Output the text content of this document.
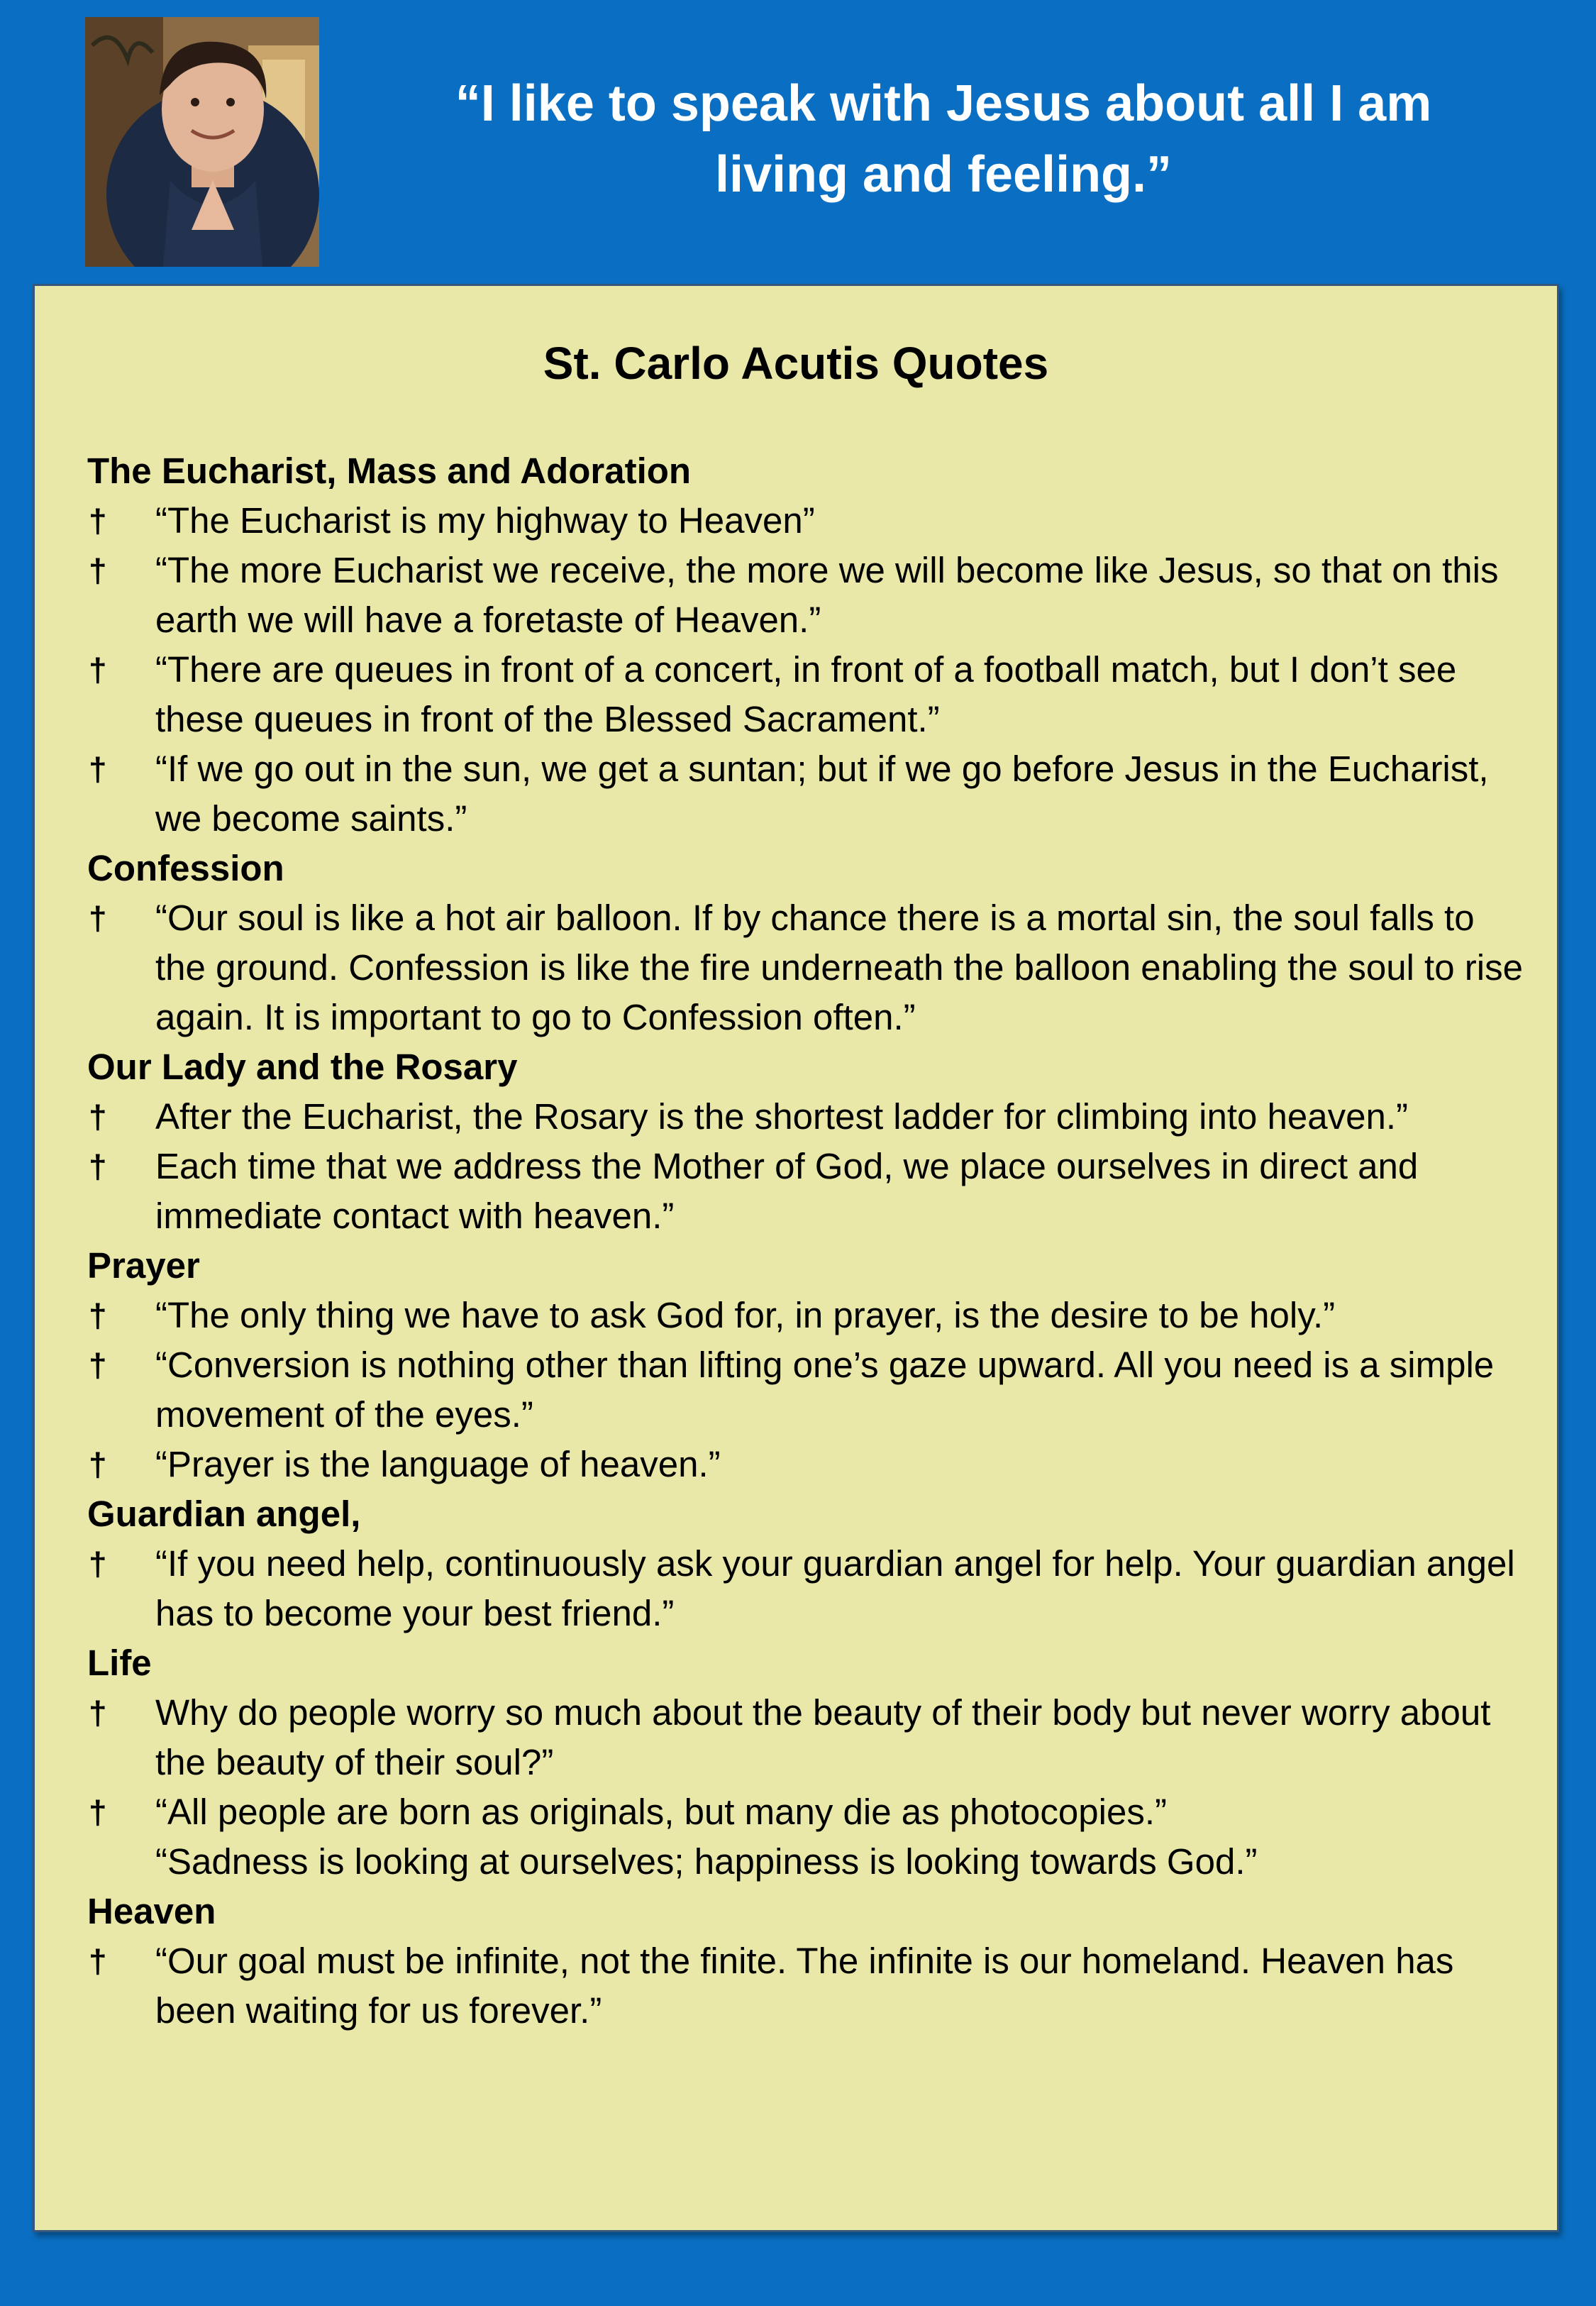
“I like to speak with Jesus about all I am living and feeling.”

St. Carlo Acutis Quotes

The Eucharist, Mass and Adoration

† “The Eucharist is my highway to Heaven”
† “The more Eucharist we receive, the more we will become like Jesus, so that on this earth we will have a foretaste of Heaven.”
† “There are queues in front of a concert, in front of a football match, but I don’t see these queues in front of the Blessed Sacrament.”
† “If we go out in the sun, we get a suntan; but if we go before Jesus in the Eucharist, we become saints.”

Confession

† “Our soul is like a hot air balloon. If by chance there is a mortal sin, the soul falls to the ground. Confession is like the fire underneath the balloon enabling the soul to rise again. It is important to go to Confession often.”

Our Lady and the Rosary

† After the Eucharist, the Rosary is the shortest ladder for climbing into heaven.”
† Each time that we address the Mother of God, we place ourselves in direct and immediate contact with heaven.”

Prayer

† “The only thing we have to ask God for, in prayer, is the desire to be holy.”
† “Conversion is nothing other than lifting one’s gaze upward. All you need is a simple movement of the eyes.”
† “Prayer is the language of heaven.”

Guardian angel,

† “If you need help, continuously ask your guardian angel for help. Your guardian angel has to become your best friend.”

Life

† Why do people worry so much about the beauty of their body but never worry about the beauty of their soul?”
† “All people are born as originals, but many die as photocopies.”

“Sadness is looking at ourselves; happiness is looking towards God.”

Heaven

† “Our goal must be infinite, not the finite. The infinite is our homeland. Heaven has been waiting for us forever.”
